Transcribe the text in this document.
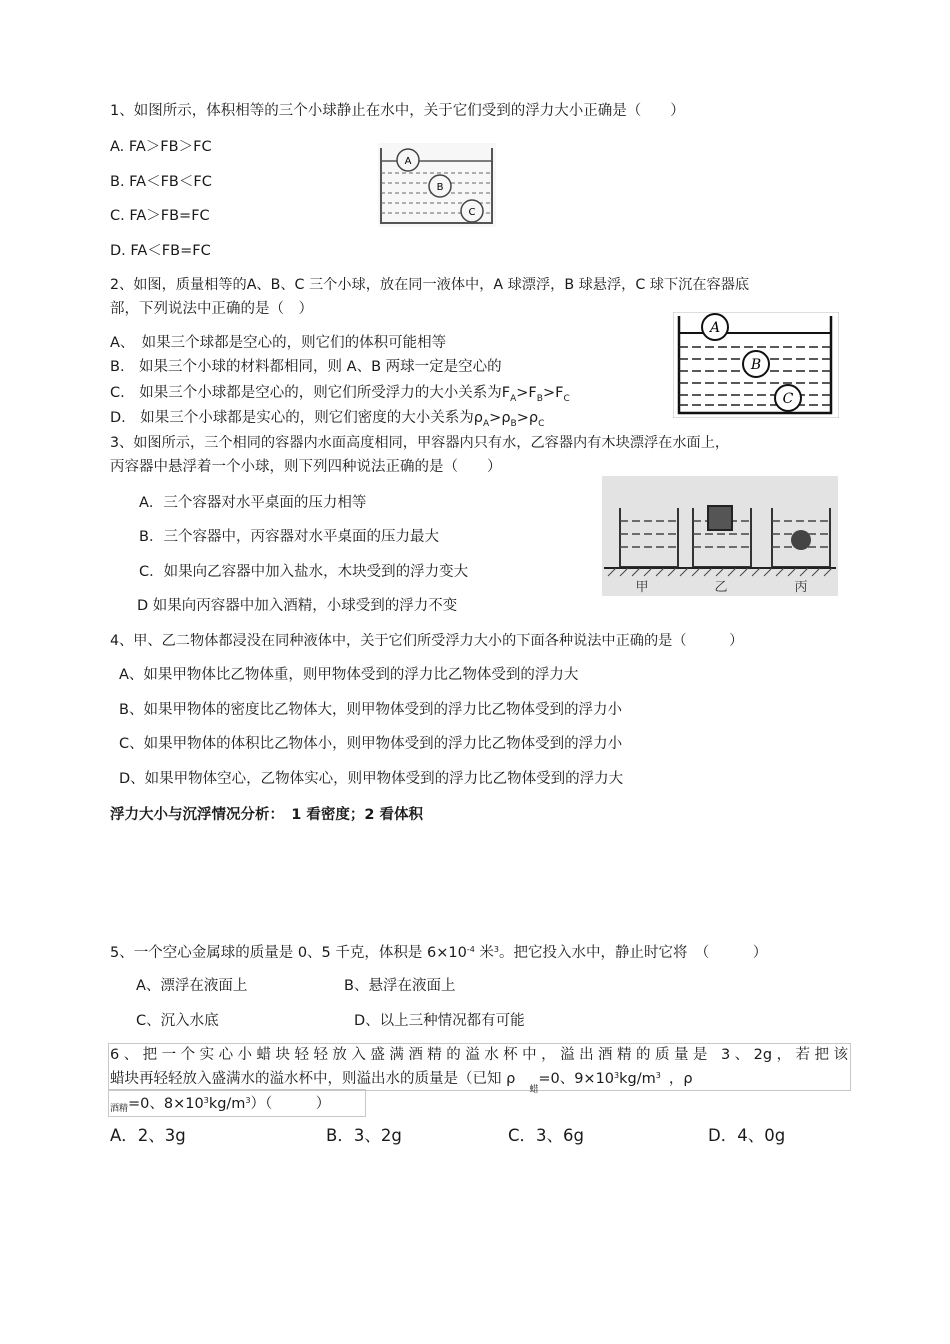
1、如图所示，体积相等的三个小球静止在水中，关于它们受到的浮力大小正确是（　　）
A. FA＞FB＞FC
B. FA＜FB＜FC
C. FA＞FB=FC
D. FA＜FB=FC
A
B
C
2、如图，质量相等的A、B、C 三个小球，放在同一液体中，A 球漂浮，B 球悬浮，C 球下沉在容器底
部，下列说法中正确的是（　）
A、　如果三个球都是空心的，则它们的体积可能相等
B.　如果三个小球的材料都相同，则 A、B 两球一定是空心的
C.　如果三个小球都是空心的，则它们所受浮力的大小关系为$F_A>F_B>F_C$
D.　如果三个小球都是实心的，则它们密度的大小关系为$\rho_A>\rho_B>\rho_C$
A
B
C
3、如图所示，三个相同的容器内水面高度相同，甲容器内只有水，乙容器内有木块漂浮在水面上，
丙容器中悬浮着一个小球，则下列四种说法正确的是（　　）
A．三个容器对水平桌面的压力相等
B．三个容器中，丙容器对水平桌面的压力最大
C．如果向乙容器中加入盐水，木块受到的浮力变大
D 如果向丙容器中加入酒精，小球受到的浮力不变
甲	乙	丙
4、甲、乙二物体都浸没在同种液体中，关于它们所受浮力大小的下面各种说法中正确的是（　　　）
A、如果甲物体比乙物体重，则甲物体受到的浮力比乙物体受到的浮力大
B、如果甲物体的密度比乙物体大，则甲物体受到的浮力比乙物体受到的浮力小
C、如果甲物体的体积比乙物体小，则甲物体受到的浮力比乙物体受到的浮力小
D、如果甲物体空心，乙物体实心，则甲物体受到的浮力比乙物体受到的浮力大
浮力大小与沉浮情况分析：　1 看密度；2 看体积
5、一个空心金属球的质量是 0、5 千克，体积是 $6\times 10^{-4}$ 米$^3$。把它投入水中，静止时它将　（　　　）
A、漂浮在液面上	B、悬浮在液面上
C、沉入水底	D、以上三种情况都有可能
6、把一个实心小蜡块轻轻放入盛满酒精的溢水杯中，溢出酒精的质量是 3、2g，若把该
蜡块再轻轻放入盛满水的溢水杯中，则溢出水的质量是（已知 $\rho_蜡=0$、$9\times 10^3kg/m^3$ ，ρ
$_{酒精}$=0、$8\times 10^3kg/m^3$）（　　　）
A．2、3g	B．3、2g	C．3、6g	D．4、0g
